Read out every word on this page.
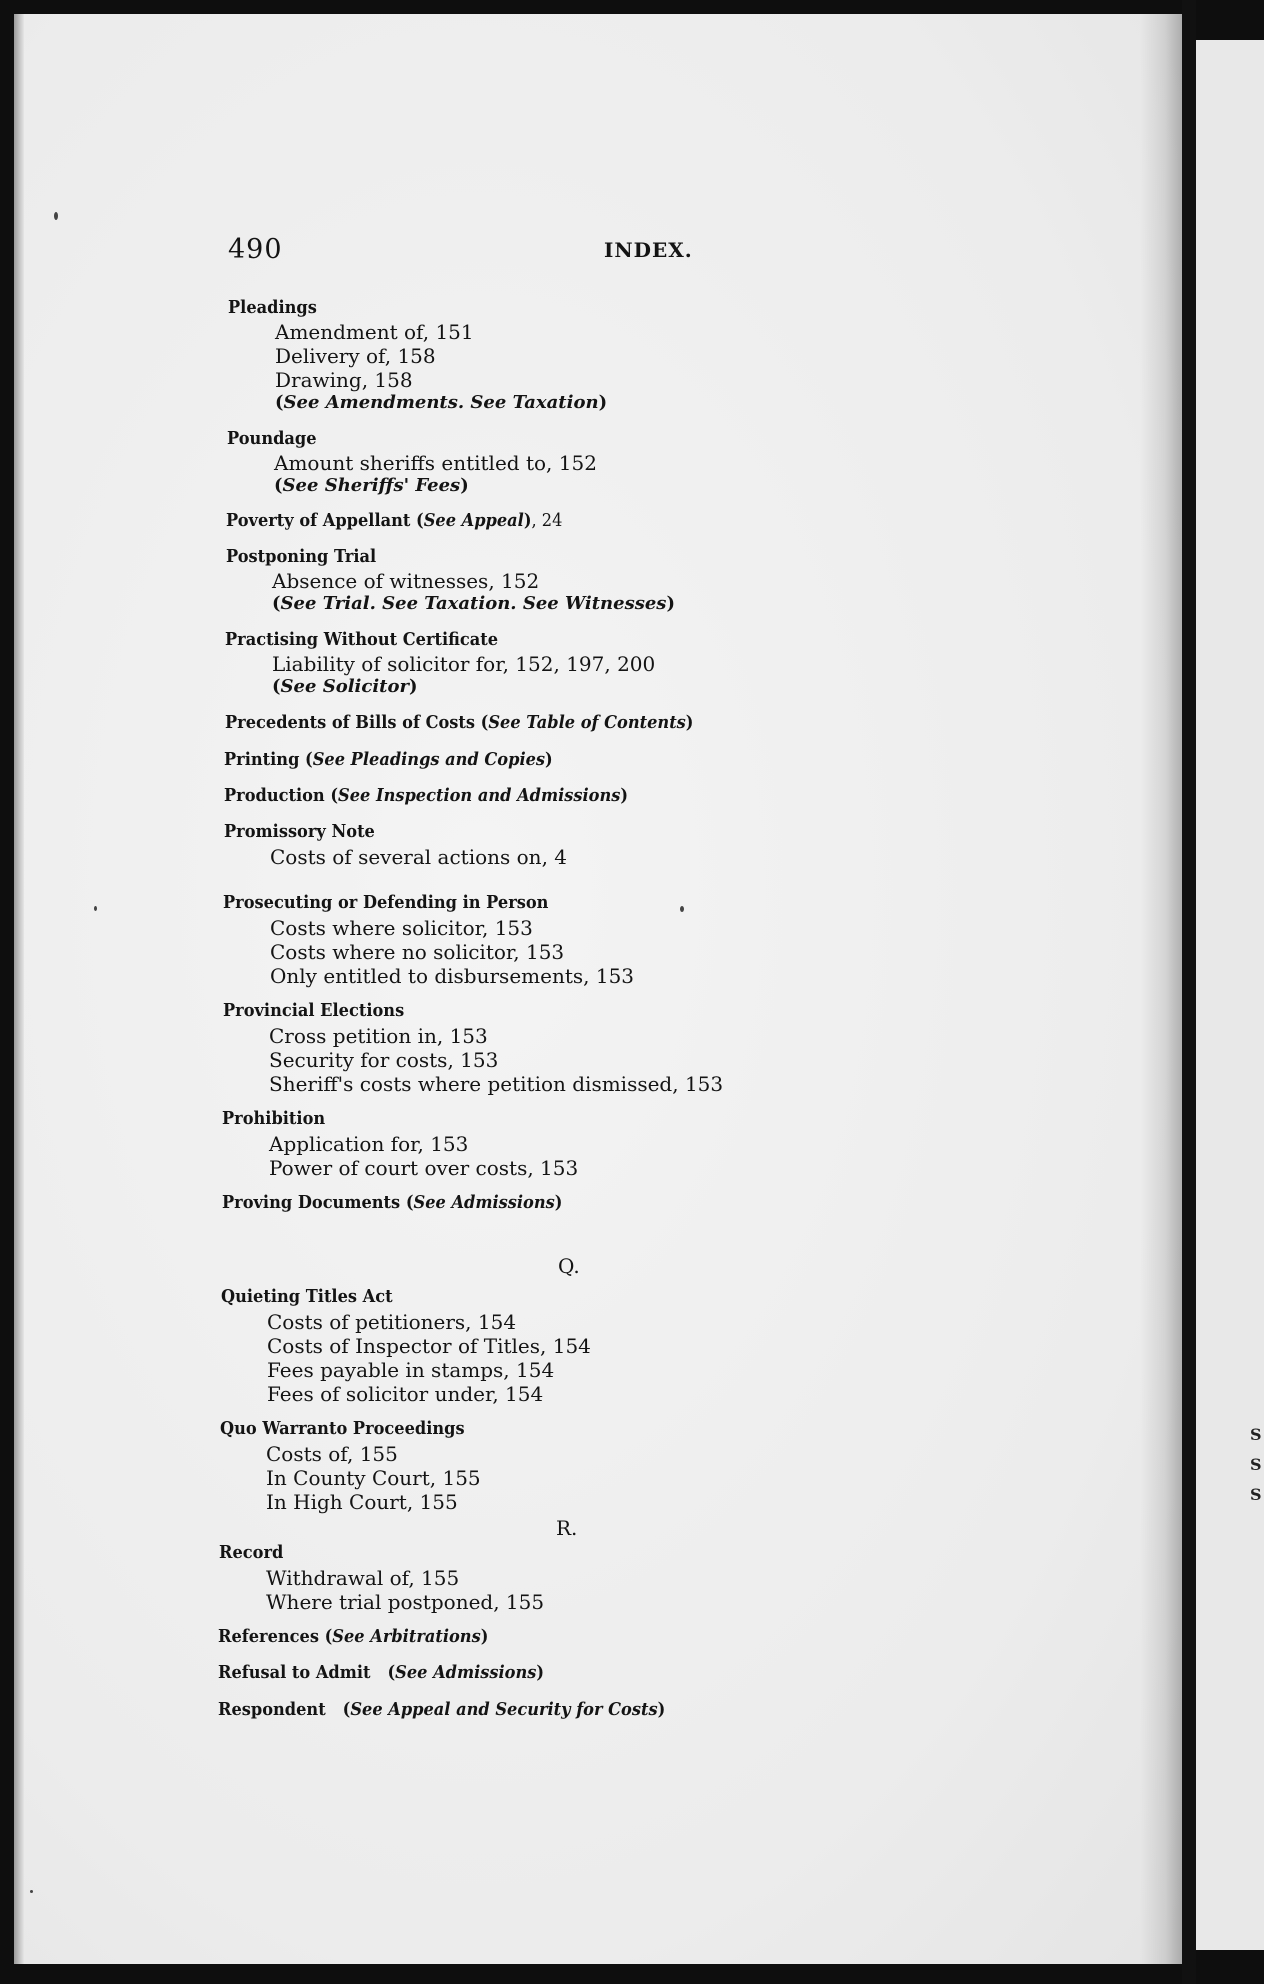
S
S
S
490	INDEX.
Pleadings
Amendment of, 151
Delivery of, 158
Drawing, 158
(See Amendments. See Taxation)
Poundage
Amount sheriffs entitled to, 152
(See Sheriffs' Fees)
Poverty of Appellant (See Appeal), 24
Postponing Trial
Absence of witnesses, 152
(See Trial. See Taxation. See Witnesses)
Practising Without Certificate
Liability of solicitor for, 152, 197, 200
(See Solicitor)
Precedents of Bills of Costs (See Table of Contents)
Printing (See Pleadings and Copies)
Production (See Inspection and Admissions)
Promissory Note
Costs of several actions on, 4
Prosecuting or Defending in Person
Costs where solicitor, 153
Costs where no solicitor, 153
Only entitled to disbursements, 153
Provincial Elections
Cross petition in, 153
Security for costs, 153
Sheriff's costs where petition dismissed, 153
Prohibition
Application for, 153
Power of court over costs, 153
Proving Documents (See Admissions)
Q.
Quieting Titles Act
Costs of petitioners, 154
Costs of Inspector of Titles, 154
Fees payable in stamps, 154
Fees of solicitor under, 154
Quo Warranto Proceedings
Costs of, 155
In County Court, 155
In High Court, 155
R.
Record
Withdrawal of, 155
Where trial postponed, 155
References (See Arbitrations)
Refusal to Admit (See Admissions)
Respondent (See Appeal and Security for Costs)
